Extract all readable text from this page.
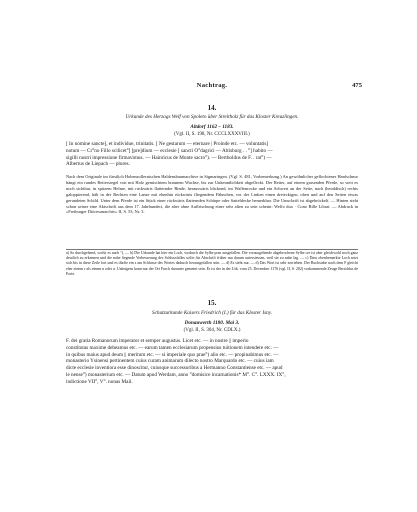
Nachtrag.	475
14.
Urkunde des Herzogs Welf von Spoleto über Streitholz für das Kloster Kreuzlingen.
Altdorf 1162 – 1183.
(Vgl. II, S. 198, Nr. CCCLXXXVIII.)
[ In nomine sancte], et individue, trinitatis. [ Ne gestarum — eternare | Proinde etc. — voluntatis]
notum — Cr°no Fillo scilicet°] [pre]dium — ecclesie [ sancti O°dagrici — Altisburg . . °] habito —
sigilli nostri impressione firmavimus. — Hainricus de Monte sacro°). — Bertholdus de F. . rat°) —
Albertus de Liepach — plures.
Nach dem Originale im fürstlich Hohenzollernischen Haldensbaumarchive in Sigmaringen. (Vgl. S. 481, Vorbemerkung.) An gewöhnlicher geflochtener Hanfschnur hängt ein rundes Reitersiegel von mit Holz gemischtem braunem Wachse, bis zur Unkenntlichkeit abgefleckt. Der Reiter, auf einem grasenden Pferde, so weit es noch sichtbar, in spitzem Helme, mit rückwärts flatternder Binde, herauswärts blickend, im Waffenrocke und ein Schwert an der Seite, nach (heraldisch) rechts galoppierend, hält in der Rechten eine Lanze mit ebenhin rückwärts fliegendem Fähnchen, vor der Linken einen dreieckigen, oben und auf den Seiten etwas gerundeten Schild. Unter dem Pferde ist ein Stück einer rückwärts flatternden Schärpe oder Satteldecke bemerkbar. Die Umschrift ist abgebröckelt. — Hinten steht schon seiner eine Aktschrift aus dem 17. Jahrhundert, die aber ohne Auffrischung einer sehr alten zu sein scheint: Welfo dux · Cono Bille Librat. — Abdruck in »Freiburger Diöcesanarchiv« II, S. 53, Nr. 3.
a) So durchgehend, wofür es nach °), — b) Die Urkunde hat hier ein Loch, wodurch die Sylbe prae ausgefallen. Die vorausgehende abgebrochene Sylbe cre ist aber gleichwohl noch ganz deutlich zu erkennen und die nahe liegende Verbesserung des Schlussfalles scilie für Abschrift früher nur darum untersiessen, weil sie zu nahe lag. — c) Dass obenbemerkte Loch setzt sich bis in diese Zeile fort und es dürfte ein s am Schlusse des Wortes dadurch herausgefallen sein. — d) Es steht nur. — d) Das Wort ist sehr zerrieben. Der Buchstabe nach dem F gleicht eher einem r als einem n oder u. Unbrigens kann nur der Ort Furch darunter gemeint sein. Er ist der in der Urk. vom 25. December 1176 (vgl. II, S. 202) vorkommende Zeuge Bertoldus de Forte.
15.
Schutzurkunde Kaisers Friedrich (I.) für das Kloster Isny.
Donauwerth 1180. Mai 3.
(Vgl. II, S. 304, Nr. CDLX.)
F. dei gratia Romanorum imperator et semper augustus. Licet etc. — in nostre || imperio
constitutas maxime debeamus etc. — earum tamen ecclesiarum propensius tuitionem intendere etc. —
in quibus maius apud deum || meritum etc. — si imperiale quo prae°) alio etc. — propinabimus etc. —
monasterio Ysinensi pertinentem cuius curam animarum dilecto nostro Marquardo etc. — cuius iam
dicte ecclesie inventiora esse dinoscitur, cuiusque successoribus a Hermanno Constantiense etc. — apud
le nense°) monasterium etc. — Datum apud Werdam, anno °domisice incarnationis* M°. C°. LXXX. IX°,
indictione VII°, V°. nonas Mail.
